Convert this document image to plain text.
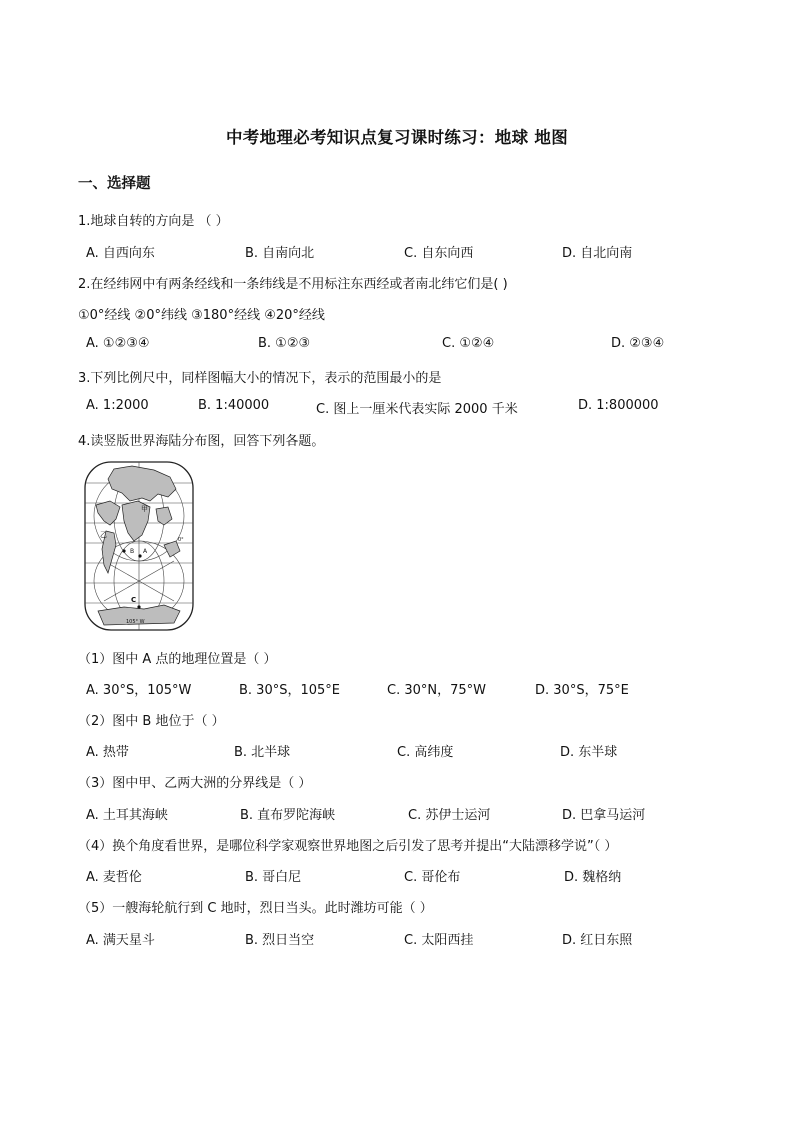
中考地理必考知识点复习课时练习：地球 地图
一、选择题
1.地球自转的方向是 （ ）
A. 自西向东	B. 自南向北	C. 自东向西	D. 自北向南
2.在经纬网中有两条经线和一条纬线是不用标注东西经或者南北纬它们是( )
①0°经线 ②0°纬线 ③180°经线 ④20°经线
A. ①②③④	B. ①②③	C. ①②④	D. ②③④
3.下列比例尺中，同样图幅大小的情况下，表示的范围最小的是
A. 1:2000	B. 1:40000	C. 图上一厘米代表实际 2000 千米	D. 1:800000
4.读竖版世界海陆分布图，回答下列各题。
甲
乙
B A
C
0°
105° W
（1）图中 A 点的地理位置是（ ）
A. 30°S，105°W	B. 30°S，105°E	C. 30°N，75°W	D. 30°S，75°E
（2）图中 B 地位于（ ）
A. 热带	B. 北半球	C. 高纬度	D. 东半球
（3）图中甲、乙两大洲的分界线是（ ）
A. 土耳其海峡	B. 直布罗陀海峡	C. 苏伊士运河	D. 巴拿马运河
（4）换个角度看世界，是哪位科学家观察世界地图之后引发了思考并提出“大陆漂移学说”（ ）
A. 麦哲伦	B. 哥白尼	C. 哥伦布	D. 魏格纳
（5）一艘海轮航行到 C 地时，烈日当头。此时潍坊可能（ ）
A. 满天星斗	B. 烈日当空	C. 太阳西挂	D. 红日东照
